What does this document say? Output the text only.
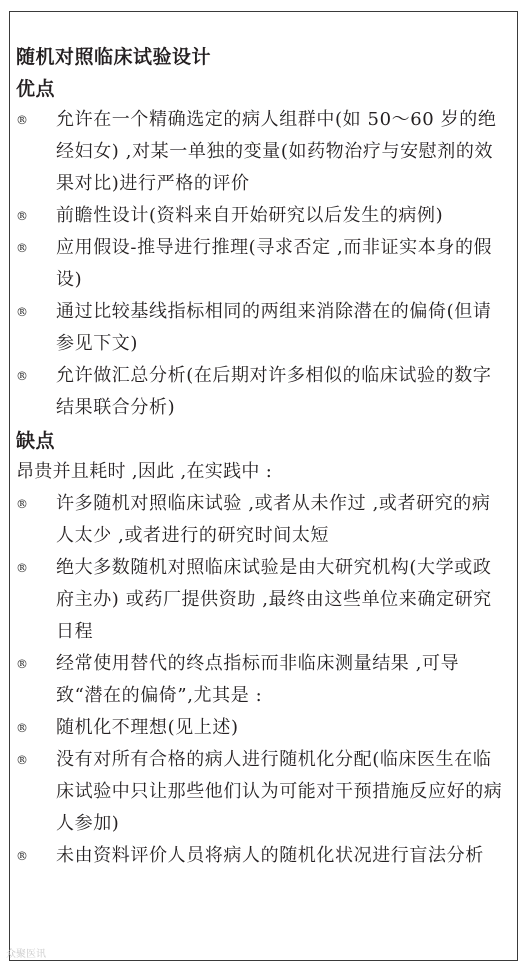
随机对照临床试验设计
优点
®	允许在一个精确选定的病人组群中(如 50～60 岁的绝经妇女) ,对某一单独的变量(如药物治疗与安慰剂的效果对比)进行严格的评价
®	前瞻性设计(资料来自开始研究以后发生的病例)
®	应用假设-推导进行推理(寻求否定 ,而非证实本身的假设)
®	通过比较基线指标相同的两组来消除潜在的偏倚(但请参见下文)
®	允许做汇总分析(在后期对许多相似的临床试验的数字结果联合分析)
缺点
昂贵并且耗时 ,因此 ,在实践中 :
®	许多随机对照临床试验 ,或者从未作过 ,或者研究的病人太少 ,或者进行的研究时间太短
®	绝大多数随机对照临床试验是由大研究机构(大学或政府主办) 或药厂提供资助 ,最终由这些单位来确定研究日程
®	经常使用替代的终点指标而非临床测量结果 ,可导致“潜在的偏倚”,尤其是 :
®	随机化不理想(见上述)
®	没有对所有合格的病人进行随机化分配(临床医生在临床试验中只让那些他们认为可能对干预措施反应好的病人参加)
®	未由资料评价人员将病人的随机化状况进行盲法分析
众聚医讯
